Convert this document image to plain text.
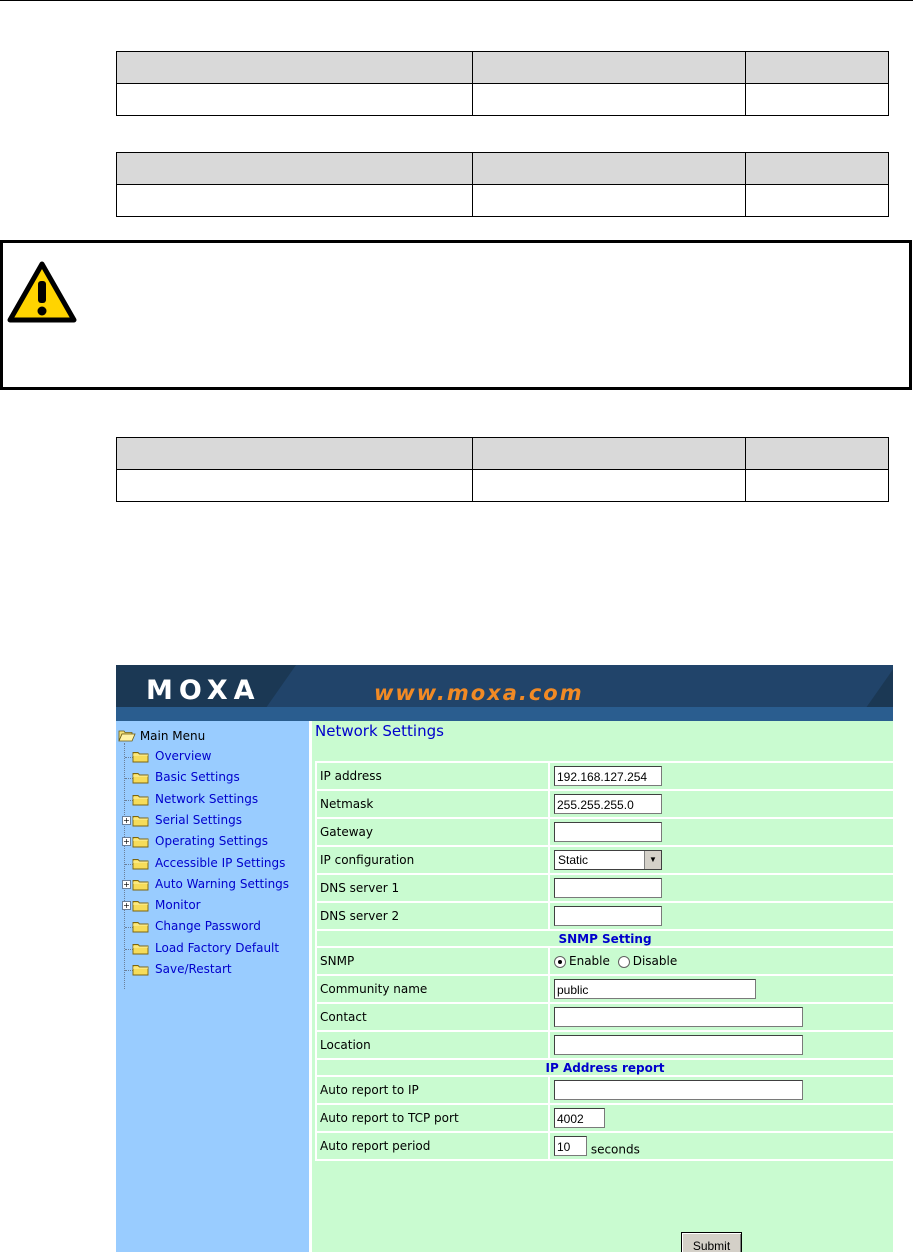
MOXA	www.moxa.com
Main Menu
Overview
Basic Settings
Network Settings
+ Serial Settings
+ Operating Settings
Accessible IP Settings
+ Auto Warning Settings
+ Monitor
Change Password
Load Factory Default
Save/Restart
Network Settings
IP address	192.168.127.254
Netmask	255.255.255.0
Gateway	
IP configuration	Static ▼

DNS server 1	
DNS server 2	
SNMP Setting	
SNMP	Enable Disable
Community name	public
Contact	
Location	
IP Address report	
Auto report to IP	
Auto report to TCP port	4002
Auto report period	10 seconds
Submit
